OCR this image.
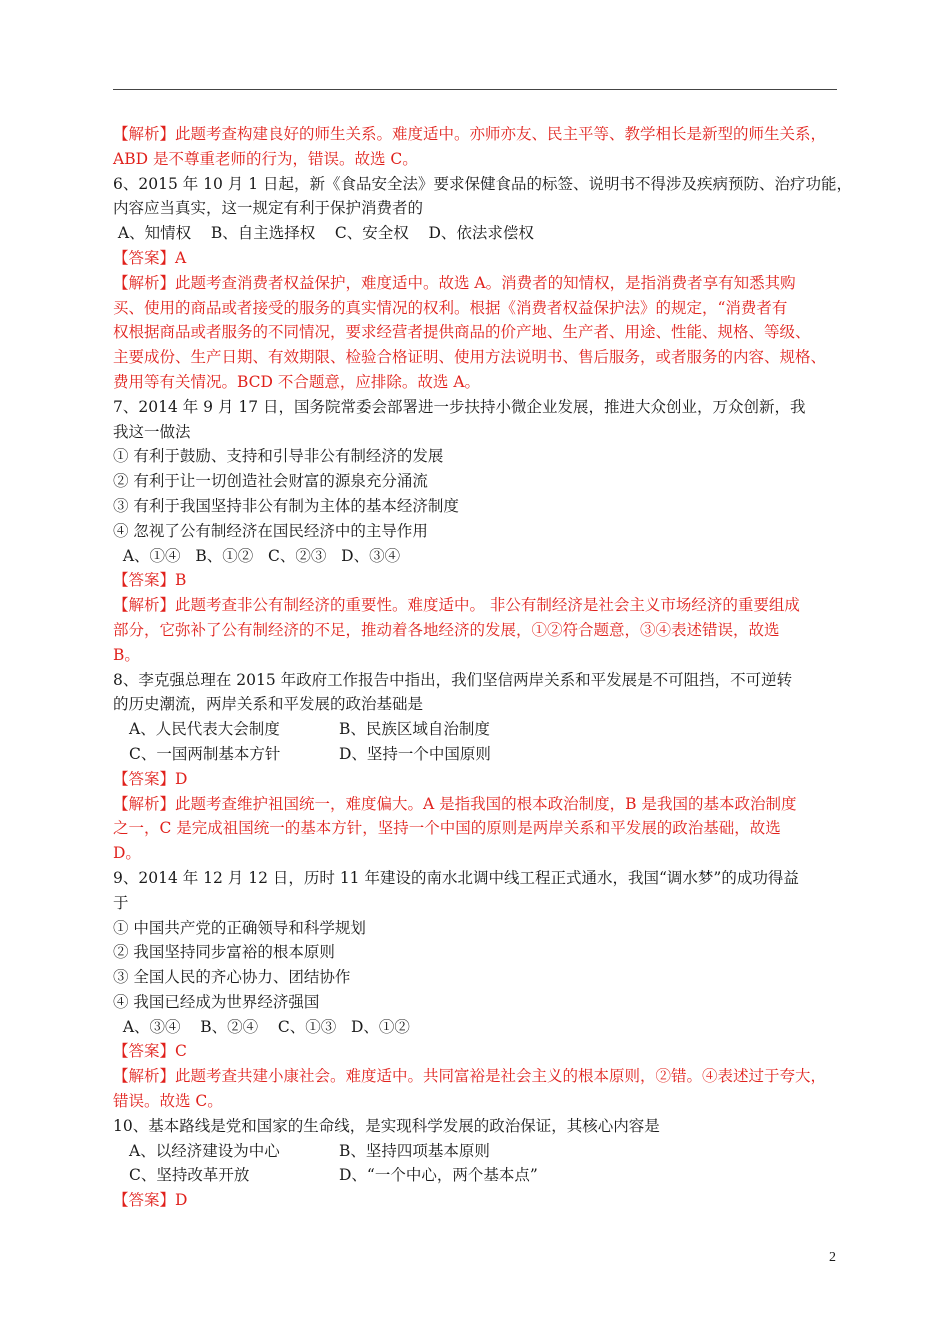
【解析】此题考查构建良好的师生关系。难度适中。亦师亦友、民主平等、教学相长是新型的师生关系，
ABD 是不尊重老师的行为，错误。故选 C。
6、2015 年 10 月 1 日起，新《食品安全法》要求保健食品的标签、说明书不得涉及疾病预防、治疗功能，
内容应当真实，这一规定有利于保护消费者的
A、知情权    B、自主选择权    C、安全权    D、依法求偿权
【答案】A
【解析】此题考查消费者权益保护，难度适中。故选 A。消费者的知情权，是指消费者享有知悉其购
买、使用的商品或者接受的服务的真实情况的权利。根据《消费者权益保护法》的规定，“消费者有
权根据商品或者服务的不同情况，要求经营者提供商品的价产地、生产者、用途、性能、规格、等级、
主要成份、生产日期、有效期限、检验合格证明、使用方法说明书、售后服务，或者服务的内容、规格、
费用等有关情况。BCD 不合题意，应排除。故选 A。
7、2014 年 9 月 17 日，国务院常委会部署进一步扶持小微企业发展，推进大众创业，万众创新，我
我这一做法
① 有利于鼓励、支持和引导非公有制经济的发展
② 有利于让一切创造社会财富的源泉充分涌流
③ 有利于我国坚持非公有制为主体的基本经济制度
④ 忽视了公有制经济在国民经济中的主导作用
A、①④   B、①②   C、②③   D、③④
【答案】B
【解析】此题考查非公有制经济的重要性。难度适中。 非公有制经济是社会主义市场经济的重要组成
部分，它弥补了公有制经济的不足，推动着各地经济的发展，①②符合题意，③④表述错误，故选
B。
8、李克强总理在 2015 年政府工作报告中指出，我们坚信两岸关系和平发展是不可阻挡，不可逆转
的历史潮流，两岸关系和平发展的政治基础是
A、人民代表大会制度	B、民族区域自治制度
C、一国两制基本方针	D、坚持一个中国原则
【答案】D
【解析】此题考查维护祖国统一，难度偏大。A 是指我国的根本政治制度，B 是我国的基本政治制度
之一，C 是完成祖国统一的基本方针，坚持一个中国的原则是两岸关系和平发展的政治基础，故选
D。
9、2014 年 12 月 12 日，历时 11 年建设的南水北调中线工程正式通水，我国“调水梦”的成功得益
于
① 中国共产党的正确领导和科学规划
② 我国坚持同步富裕的根本原则
③ 全国人民的齐心协力、团结协作
④ 我国已经成为世界经济强国
A、③④    B、②④    C、①③   D、①②
【答案】C
【解析】此题考查共建小康社会。难度适中。共同富裕是社会主义的根本原则，②错。④表述过于夸大，
错误。故选 C。
10、基本路线是党和国家的生命线，是实现科学发展的政治保证，其核心内容是
A、以经济建设为中心	B、坚持四项基本原则
C、坚持改革开放	D、“一个中心，两个基本点”
【答案】D
2
